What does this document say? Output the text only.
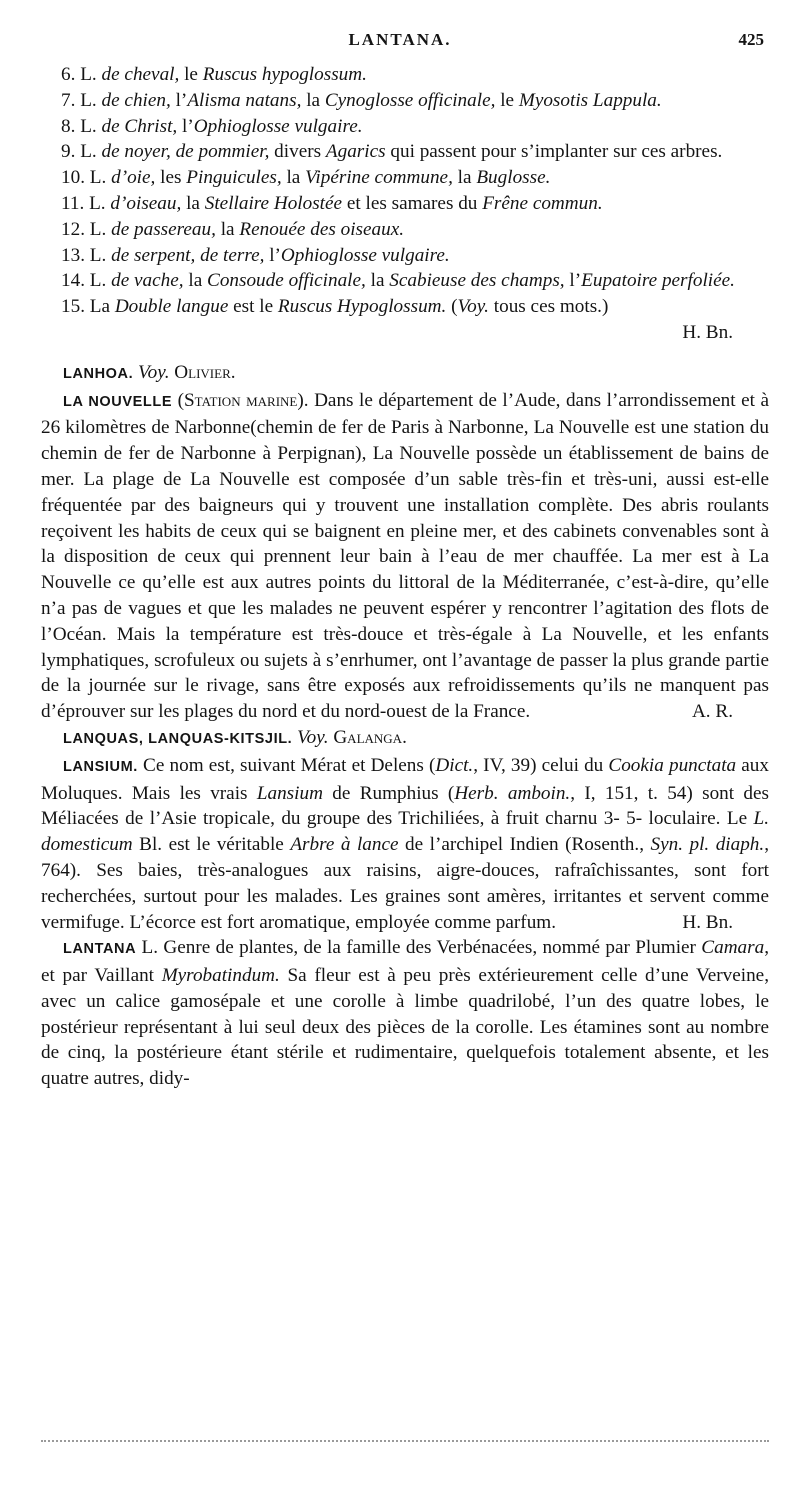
LANTANA.	425

6. L. de cheval, le Ruscus hypoglossum.

7. L. de chien, l’Alisma natans, la Cynoglosse officinale, le Myosotis Lappula.

8. L. de Christ, l’Ophioglosse vulgaire.

9. L. de noyer, de pommier, divers Agarics qui passent pour s’implanter sur ces arbres.

10. L. d’oie, les Pinguicules, la Vipérine commune, la Buglosse.

11. L. d’oiseau, la Stellaire Holostée et les samares du Frêne commun.

12. L. de passereau, la Renouée des oiseaux.

13. L. de serpent, de terre, l’Ophioglosse vulgaire.

14. L. de vache, la Consoude officinale, la Scabieuse des champs, l’Eupatoire perfoliée.

15. La Double langue est le Ruscus Hypoglossum. (Voy. tous ces mots.)

H. Bn.

LANHOA. Voy. Olivier.

LA NOUVELLE (Station marine). Dans le département de l’Aude, dans l’arrondissement et à 26 kilomètres de Narbonne(chemin de fer de Paris à Narbonne, La Nouvelle est une station du chemin de fer de Narbonne à Perpignan), La Nouvelle possède un établissement de bains de mer. La plage de La Nouvelle est composée d’un sable très-fin et très-uni, aussi est-elle fréquentée par des baigneurs qui y trouvent une installation complète. Des abris roulants reçoivent les habits de ceux qui se baignent en pleine mer, et des cabinets convenables sont à la disposition de ceux qui prennent leur bain à l’eau de mer chauffée. La mer est à La Nouvelle ce qu’elle est aux autres points du littoral de la Méditerranée, c’est-à-dire, qu’elle n’a pas de vagues et que les malades ne peuvent espérer y rencontrer l’agitation des flots de l’Océan. Mais la température est très-douce et très-égale à La Nouvelle, et les enfants lymphatiques, scrofuleux ou sujets à s’enrhumer, ont l’avantage de passer la plus grande partie de la journée sur le rivage, sans être exposés aux refroidissements qu’ils ne manquent pas d’éprouver sur les plages du nord et du nord-ouest de la France.	A. R.

LANQUAS, LANQUAS-KITSJIL. Voy. Galanga.

LANSIUM. Ce nom est, suivant Mérat et Delens (Dict., IV, 39) celui du Cookia punctata aux Moluques. Mais les vrais Lansium de Rumphius (Herb. amboin., I, 151, t. 54) sont des Méliacées de l’Asie tropicale, du groupe des Trichiliées, à fruit charnu 3- 5- loculaire. Le L. domesticum Bl. est le véritable Arbre à lance de l’archipel Indien (Rosenth., Syn. pl. diaph., 764). Ses baies, très-analogues aux raisins, aigre-douces, rafraîchissantes, sont fort recherchées, surtout pour les malades. Les graines sont amères, irritantes et servent comme vermifuge. L’écorce est fort aromatique, employée comme parfum.	H. Bn.

LANTANA L. Genre de plantes, de la famille des Verbénacées, nommé par Plumier Camara, et par Vaillant Myrobatindum. Sa fleur est à peu près extérieurement celle d’une Verveine, avec un calice gamosépale et une corolle à limbe quadrilobé, l’un des quatre lobes, le postérieur représentant à lui seul deux des pièces de la corolle. Les étamines sont au nombre de cinq, la postérieure étant stérile et rudimentaire, quelquefois totalement absente, et les quatre autres, didy-
